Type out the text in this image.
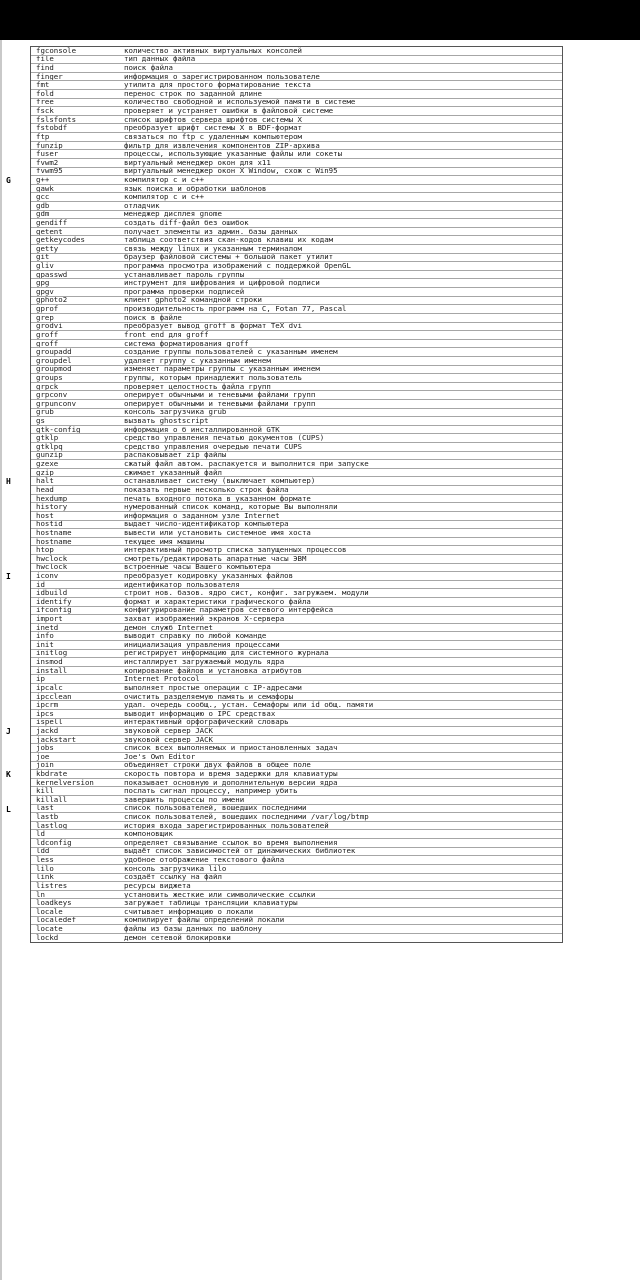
fgconsole	количество активных виртуальных консолей
file	тип данных файла
find	поиск файла
finger	информация о зарегистрированном пользователе
fmt	утилита для простого форматирование текста
fold	перенос строк по заданной длине
free	количество свободной и используемой памяти в системе
fsck	проверяет и устраняет ошибки в файловой системе
fslsfonts	список шрифтов сервера шрифтов системы X
fstobdf	преобразует шрифт системы X в BDF-формат
ftp	связаться по ftp с удаленным компьютером
funzip	фильтр для извлечения компонентов ZIP-архива
fuser	процессы, использующие указанные файлы или сокеты
fvwm2	виртуальный менеджер окон для x11
fvwm95	виртуальный менеджер окон X Window, схож с Win95
g++	компилятор с и с++
gawk	язык поиска и обработки шаблонов
gcc	компилятор с и с++
gdb	отладчик
gdm	менеджер дисплея gnome
gendiff	создать diff-файл без ошибок
getent	получает элементы из админ. базы данных
getkeycodes	таблица соответствия скан-кодов клавиш их кодам
getty	связь между linux и указанным терминалом
git	браузер файловой системы + большой пакет утилит
gliv	программа просмотра изображений с поддержкой OpenGL
gpasswd	устанавливает пароль группы
gpg	инструмент для шифрования и цифровой подписи
gpgv	программа проверки подписей
gphoto2	клиент gphoto2 командной строки
gprof	производительность программ на C, Fotan 77, Pascal
grep	поиск в файле
grodvi	преобразует вывод groff в формат TeX dvi
groff	front end для groff
groff	система форматирования groff
groupadd	создание группы пользователей с указанным именем
groupdel	удаляет группу с указанным именем
groupmod	изменяет параметры группы с указанным именем
groups	группы, которым принадлежит пользователь
grpck	проверяет целостность файла групп
grpconv	оперирует обычными и теневыми файлами групп
grpunconv	оперирует обычными и теневыми файлами групп
grub	консоль загрузчика grub
gs	вызвать ghostscript
gtk-config	информация о б инсталлированной GTK
gtklp	средство управления печатью документов (CUPS)
gtklpq	средство управления очередью печати CUPS
gunzip	распаковывает zip файлы
gzexe	сжатый файл автом. распакуется и выполнится при запуске
gzip	сжимает указанный файл
halt	останавливает систему (выключает компьютер)
head	показать первые несколько строк файла
hexdump	печать входного потока в указанном формате
history	нумерованный список команд, которые Вы выполняли
host	информация о заданном узле Internet
hostid	выдает число-идентификатор компьютера
hostname	вывести или установить системное имя хоста
hostname	текущее имя машины
htop	интерактивный просмотр списка запущенных процессов
hwclock	смотреть/редактировать апаратные часы ЭВМ
hwclock	встроенные часы Вашего компьютера
iconv	преобразует кодировку указанных файлов
id	идентификатор пользователя
idbuild	строит нов. базов. ядро сист, конфиг. загружаем. модули
identify	формат и характеристики графического файла
ifconfig	конфигурирование параметров сетевого интерфейса
import	захват изображений экранов X-сервера
inetd	демон служб Internet
info	выводит справку по любой команде
init	инициализация управления процессами
initlog	регистрирует информацию для системного журнала
insmod	инсталлирует загружаемый модуль ядра
install	копирование файлов и установка атрибутов
ip	Internet Protocol
ipcalc	выполняет простые операции с IP-адресами
ipcclean	очистить разделяемую память и семафоры
ipcrm	удал. очередь сообщ., устан. Семафоры или id общ. памяти
ipcs	выводит информацию о IPC средствах
ispell	интерактивный орфографический словарь
jackd	звуковой сервер JACK
jackstart	звуковой сервер JACK
jobs	список всех выполняемых и приостановленных задач
joe	Joe's Own Editor
join	объединяет строки двух файлов в общее поле
kbdrate	скорость повтора и время задержки для клавиатуры
kernelversion	показывает основную и дополнительную версии ядра
kill	послать сигнал процессу, например убить
killall	завершить процессы по имени
last	список пользователей, вошедших последними
lastb	список пользователей, вошедших последними /var/log/btmp
lastlog	история входа зарегистрированных пользователей
ld	компоновщик
ldconfig	определяет связывание ссылок во время выполнения
ldd	выдаёт список зависимостей от динамических библиотек
less	удобное отображение текстового файла
lilo	консоль загрузчика lilo
link	создаёт ссылку на файл
listres	ресурсы виджета
ln	установить жесткие или символические ссылки
loadkeys	загружает таблицы трансляции клавиатуры
locale	считывает информацию о локали
localedef	компилирует файлы определений локали
locate	файлы из базы данных по шаблону
lockd	демон сетевой блокировки
G
H
I
J
K
L
